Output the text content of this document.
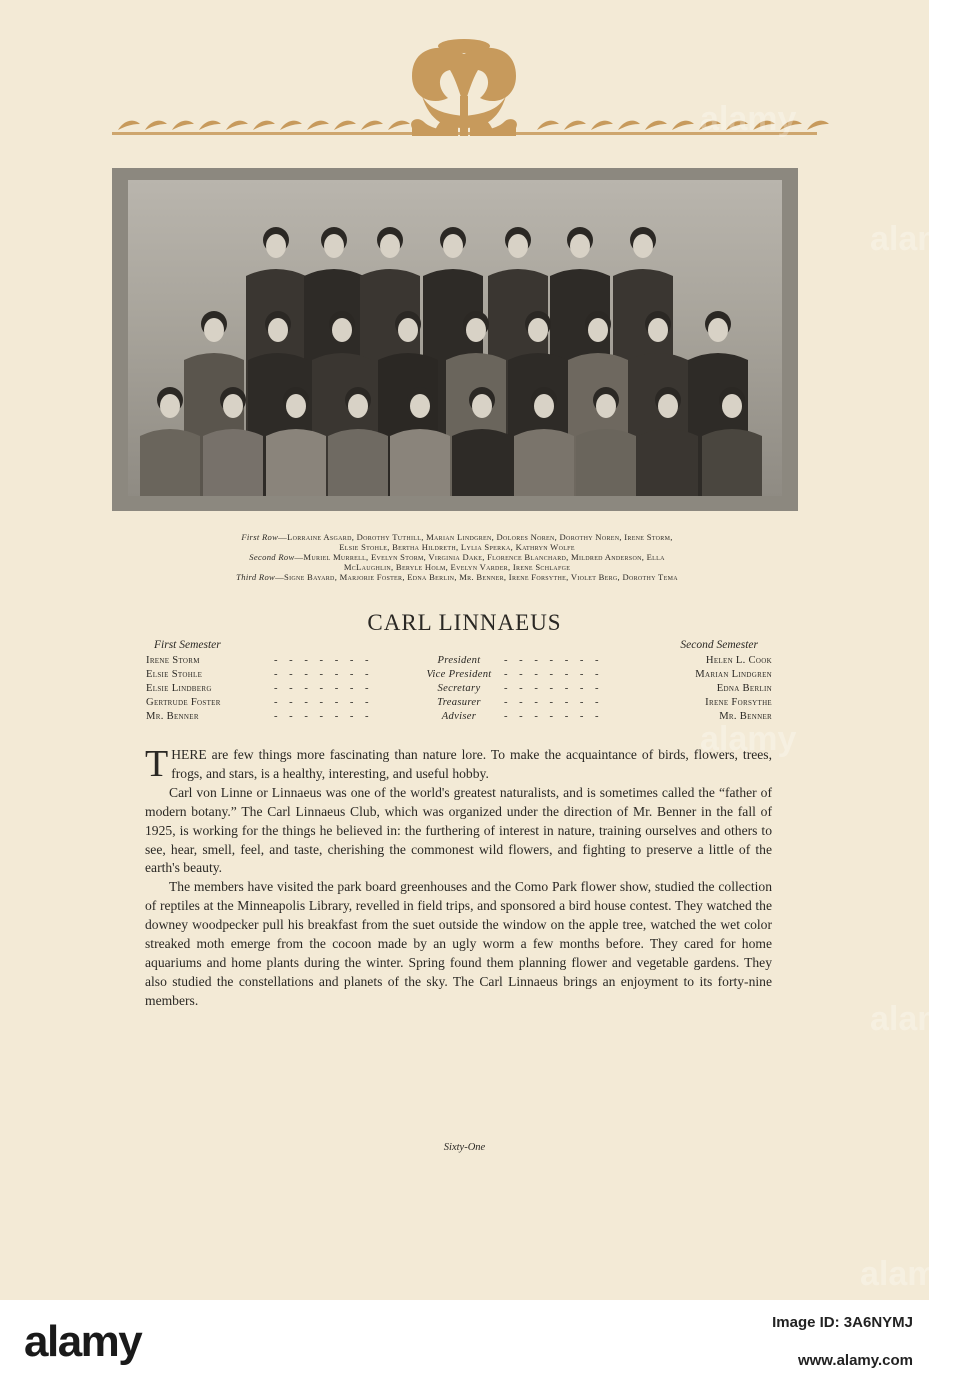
First Row—Lorraine Asgard, Dorothy Tuthill, Marian Lindgren, Dolores Noren, Dorothy Noren, Irene Storm,
Elsie Stohle, Bertha Hildreth, Lylia Sperka, Kathryn Wolfe
Second Row—Muriel Murrell, Evelyn Storm, Virginia Dake, Florence Blanchard, Mildred Anderson, Ella
McLaughlin, Beryle Holm, Evelyn Varder, Irene Schlafge
Third Row—Signe Bayard, Marjorie Foster, Edna Berlin, Mr. Benner, Irene Forsythe, Violet Berg, Dorothy Tema
CARL LINNAEUS
First Semester	Second Semester
Irene Storm	- - - - - - -	President	- - - - - - -	Helen L. Cook
Elsie Stohle	- - - - - - -	Vice President	- - - - - - -	Marian Lindgren
Elsie Lindberg	- - - - - - -	Secretary	- - - - - - -	Edna Berlin
Gertrude Foster	- - - - - - -	Treasurer	- - - - - - -	Irene Forsythe
Mr. Benner	- - - - - - -	Adviser	- - - - - - -	Mr. Benner

THERE are few things more fascinating than nature lore. To make the acquaintance of birds, flowers, trees, frogs, and stars, is a healthy, interesting, and useful hobby.

Carl von Linne or Linnaeus was one of the world's greatest naturalists, and is sometimes called the “father of modern botany.” The Carl Linnaeus Club, which was organized under the direction of Mr. Benner in the fall of 1925, is working for the things he believed in: the furthering of interest in nature, training ourselves and others to see, hear, smell, feel, and taste, cherishing the commonest wild flowers, and fighting to preserve a little of the earth's beauty.

The members have visited the park board greenhouses and the Como Park flower show, studied the collection of reptiles at the Minneapolis Library, revelled in field trips, and sponsored a bird house contest. They watched the downey woodpecker pull his breakfast from the suet outside the window on the apple tree, watched the wet color streaked moth emerge from the cocoon made by an ugly worm a few months before. They cared for home aquariums and home plants during the winter. Spring found them planning flower and vegetable gardens. They also studied the constellations and planets of the sky. The Carl Linnaeus brings an enjoyment to its forty-nine members.

Sixty-One
alamy
alamy
alamy
alamy
alamy
alamy	Image ID: 3A6NYMJ
www.alamy.com
